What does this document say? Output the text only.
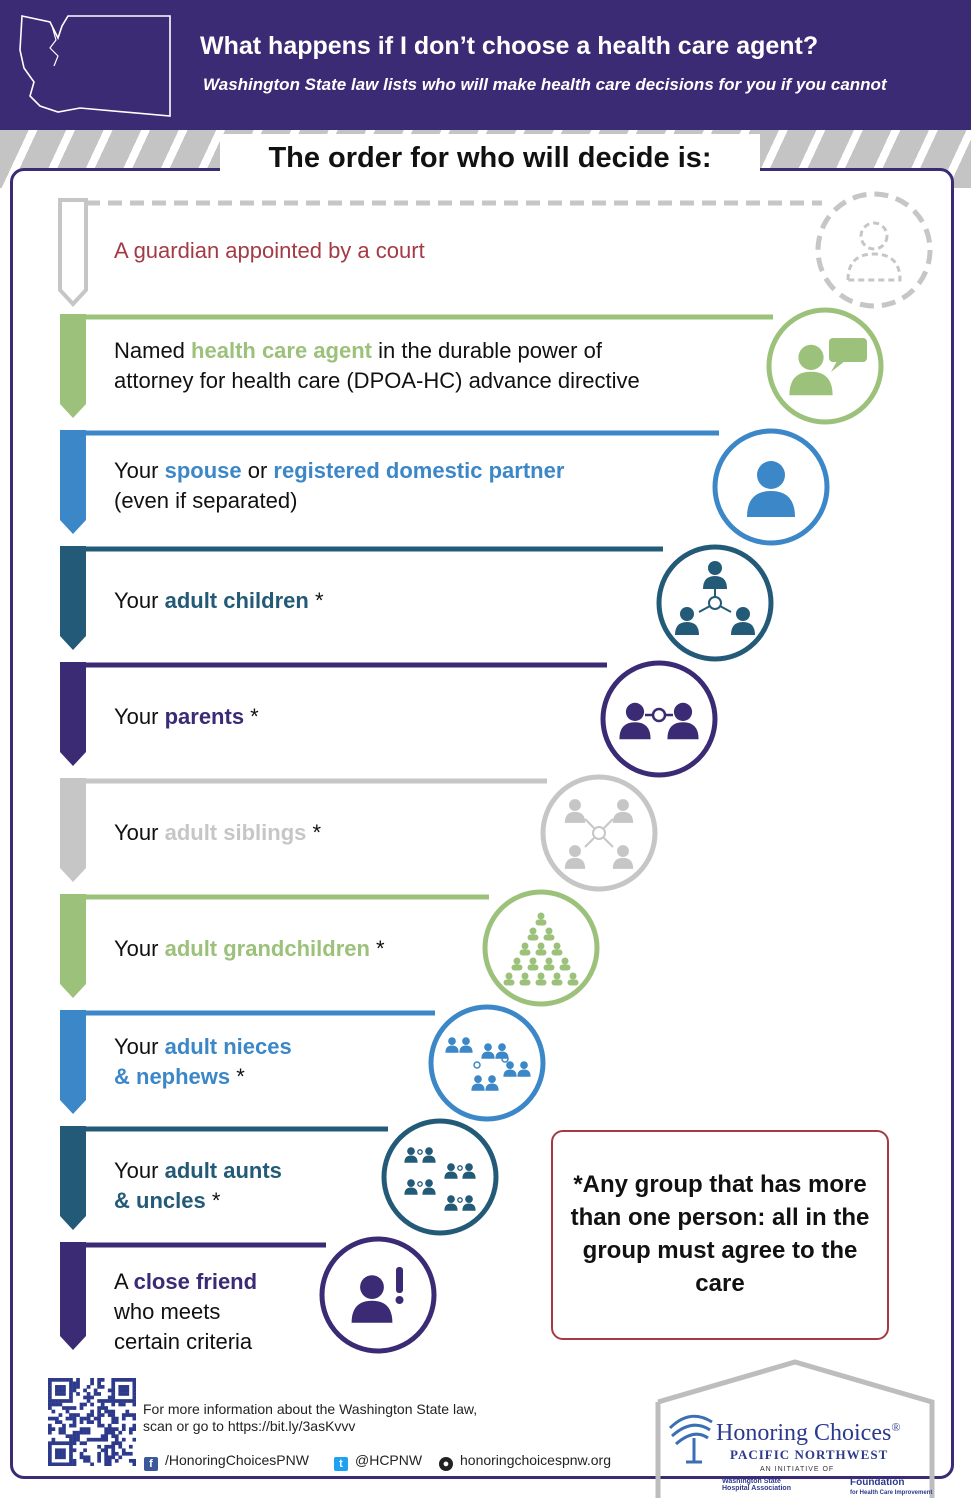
What happens if I don’t choose a health care agent?
Washington State law lists who will make health care decisions for you if you cannot
The order for who will decide is:
A guardian appointed by a court
Named health care agent in the durable power of
attorney for health care (DPOA-HC) advance directive
Your spouse or registered domestic partner
(even if separated)
Your adult children *
Your parents *
Your adult siblings *
Your adult grandchildren *
Your adult nieces
& nephews *
Your adult aunts
& uncles *
A close friend
who meets
certain criteria
*Any group that has more than one person: all in the group must agree to the care
For more information about the Washington State law,
scan or go to https://bit.ly/3asKvvv
f /HonoringChoicesPNW	t @HCPNW	● honoringchoicespnw.org
Honoring Choices®
PACIFIC NORTHWEST
AN INITIATIVE OF
Washington State
Hospital Association
Foundation
for Health Care Improvement
